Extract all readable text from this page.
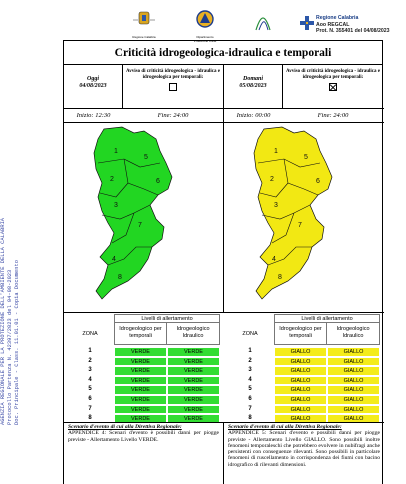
Regione Calabria	Dipartimento Protezione Civile
Regione Calabria
Aoo REGCAL
Prot. N. 355401 del 04/08/2023
AGENZIA REGIONALE PER LA PROTEZIONE DELL'AMBIENTE DELLA CALABRIA Protocollo Partenza N. 42397/2023 del 04-08-2023 Doc. Principale - Class. 11.01.01 - Copia Documento
Criticità idrogeologica-idraulica e temporali
Oggi
04/08/2023
Avviso di criticità idrogeologica - idraulica e idrogeologica per temporali:
Inizio: 12:30	Fine: 24:00
1
5
2	6
3
7
4
8
Domani
05/08/2023
Avviso di criticità idrogeologica - idraulica e idrogeologica per temporali:
Inizio: 00:00	Fine: 24:00
1
5
2	6
3
7
4
8
Livelli di allertamento
ZONA
Idrogeologico per temporali
Idrogeologico Idraulico
1	VERDE	VERDE
2	VERDE	VERDE
3	VERDE	VERDE
4	VERDE	VERDE
5	VERDE	VERDE
6	VERDE	VERDE
7	VERDE	VERDE
8	VERDE	VERDE
Livelli di allertamento
ZONA
Idrogeologico per temporali
Idrogeologico Idraulico
1	GIALLO	GIALLO
2	GIALLO	GIALLO
3	GIALLO	GIALLO
4	GIALLO	GIALLO
5	GIALLO	GIALLO
6	GIALLO	GIALLO
7	GIALLO	GIALLO
8	GIALLO	GIALLO
Scenario d'evento di cui alla Direttiva Regionale:
APPENDICE 4: Scenari d'evento è possibili danni per piogge previste - Allertamento Livello VERDE.
Scenario d'evento di cui alla Direttiva Regionale:
APPENDICE 5: Scenari d'evento e possibili danni per piogge previste - Allertamento Livello GIALLO. Sono possibili inoltre fenomeni temporaleschi che potrebbero evolvere in nubifragi anche persistenti con conseguenze rilevanti. Sono possibili in particolare fenomeni di ruscellamento in corrispondenza dei fiumi con bacino idrografico di rilevanti dimensioni.
